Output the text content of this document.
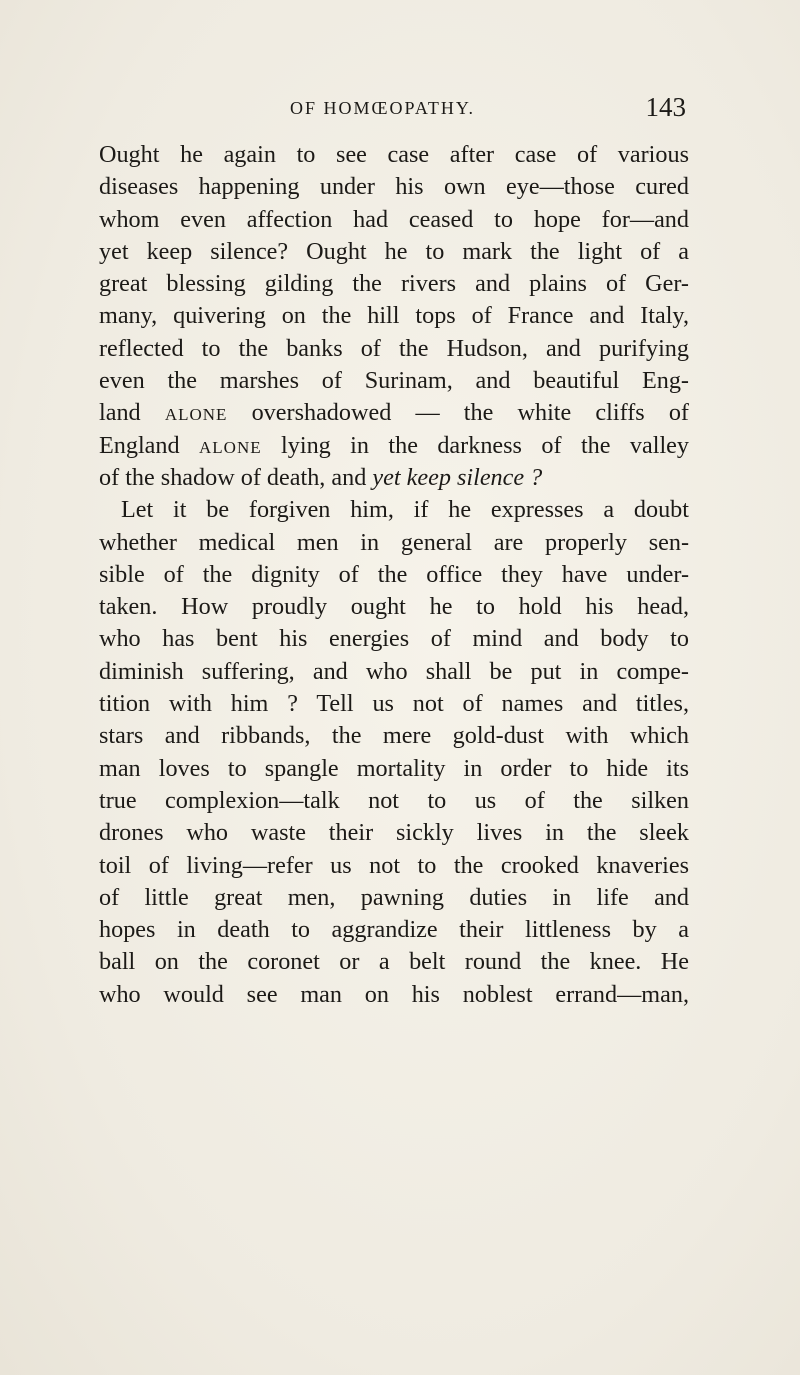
OF HOMŒOPATHY.	143
Ought he again to see case after case of various
diseases happening under his own eye—those cured
whom even affection had ceased to hope for—and
yet keep silence? Ought he to mark the light of a
great blessing gilding the rivers and plains of Ger-
many, quivering on the hill tops of France and Italy,
reflected to the banks of the Hudson, and purifying
even the marshes of Surinam, and beautiful Eng-
land alone overshadowed — the white cliffs of
England alone lying in the darkness of the valley
of the shadow of death, and yet keep silence ?
Let it be forgiven him, if he expresses a doubt
whether medical men in general are properly sen-
sible of the dignity of the office they have under-
taken. How proudly ought he to hold his head,
who has bent his energies of mind and body to
diminish suffering, and who shall be put in compe-
tition with him ? Tell us not of names and titles,
stars and ribbands, the mere gold-dust with which
man loves to spangle mortality in order to hide its
true complexion—talk not to us of the silken
drones who waste their sickly lives in the sleek
toil of living—refer us not to the crooked knaveries
of little great men, pawning duties in life and
hopes in death to aggrandize their littleness by a
ball on the coronet or a belt round the knee. He
who would see man on his noblest errand—man,
